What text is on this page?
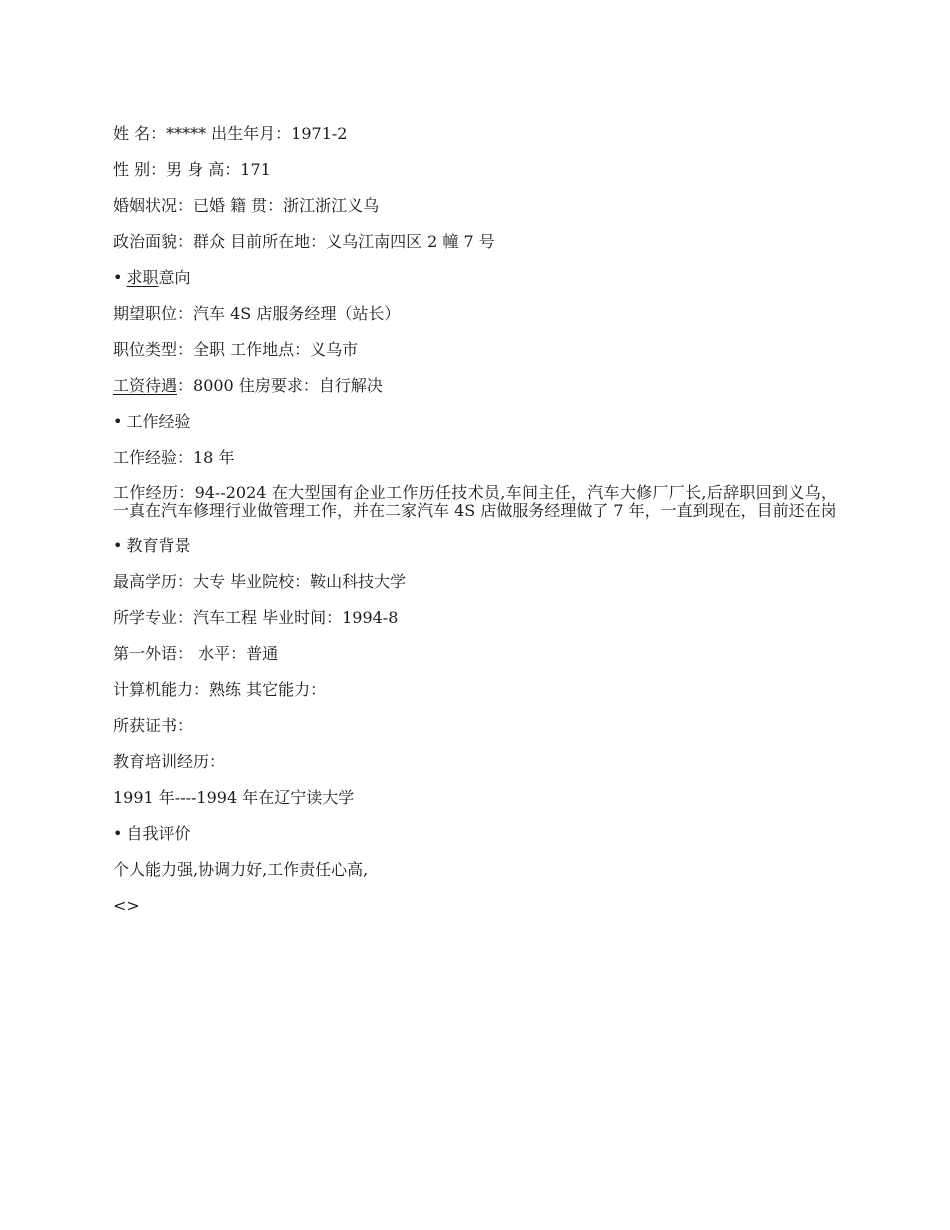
姓 名：***** 出生年月：1971-2
性 别：男 身 高：171
婚姻状况：已婚 籍 贯：浙江浙江义乌
政治面貌：群众 目前所在地：义乌江南四区 2 幢 7 号
• 求职意向
期望职位：汽车 4S 店服务经理（站长）
职位类型：全职 工作地点：义乌市
工资待遇：8000 住房要求：自行解决
• 工作经验
工作经验：18 年
工作经历：94--2024 在大型国有企业工作历任技术员,车间主任，汽车大修厂厂长,后辞职回到义乌，一真在汽车修理行业做管理工作，并在二家汽车 4S 店做服务经理做了 7 年，一直到现在，目前还在岗
• 教育背景
最高学历：大专 毕业院校：鞍山科技大学
所学专业：汽车工程 毕业时间：1994-8
第一外语： 水平：普通
计算机能力：熟练 其它能力：
所获证书：
教育培训经历：
1991 年----1994 年在辽宁读大学
• 自我评价
个人能力强,协调力好,工作责任心高,
<>
